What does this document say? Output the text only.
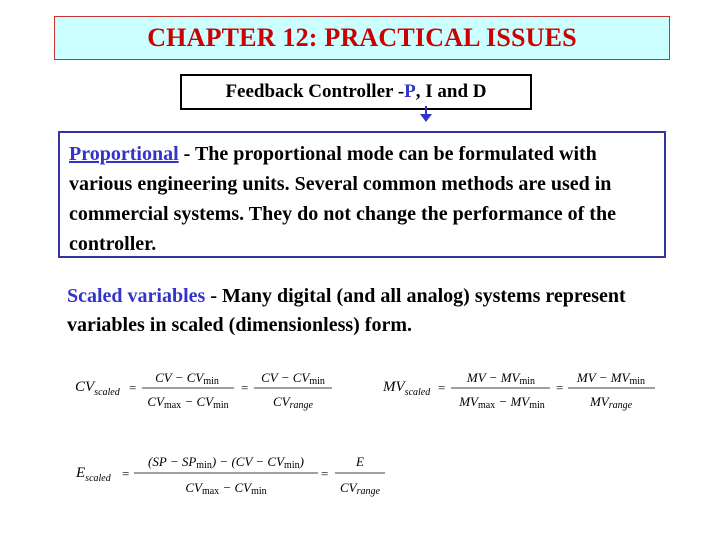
CHAPTER 12: PRACTICAL ISSUES
Feedback Controller - P , I and D
Proportional - The proportional mode can be formulated with various engineering units. Several common methods are used in commercial systems. They do not change the performance of the controller.
Scaled variables - Many digital (and all analog) systems represent variables in scaled (dimensionless) form.
$CV_{scaled}$ =
CV − CVmin
CVmax − CVmin
=
CV − CVmin
CVrange
$MV_{scaled}$ =
MV − MVmin
MVmax − MVmin
=
MV − MVmin
MVrange
$E_{scaled}$ =
(SP − SPmin) − (CV − CVmin)
CVmax − CVmin
=
E
CVrange
